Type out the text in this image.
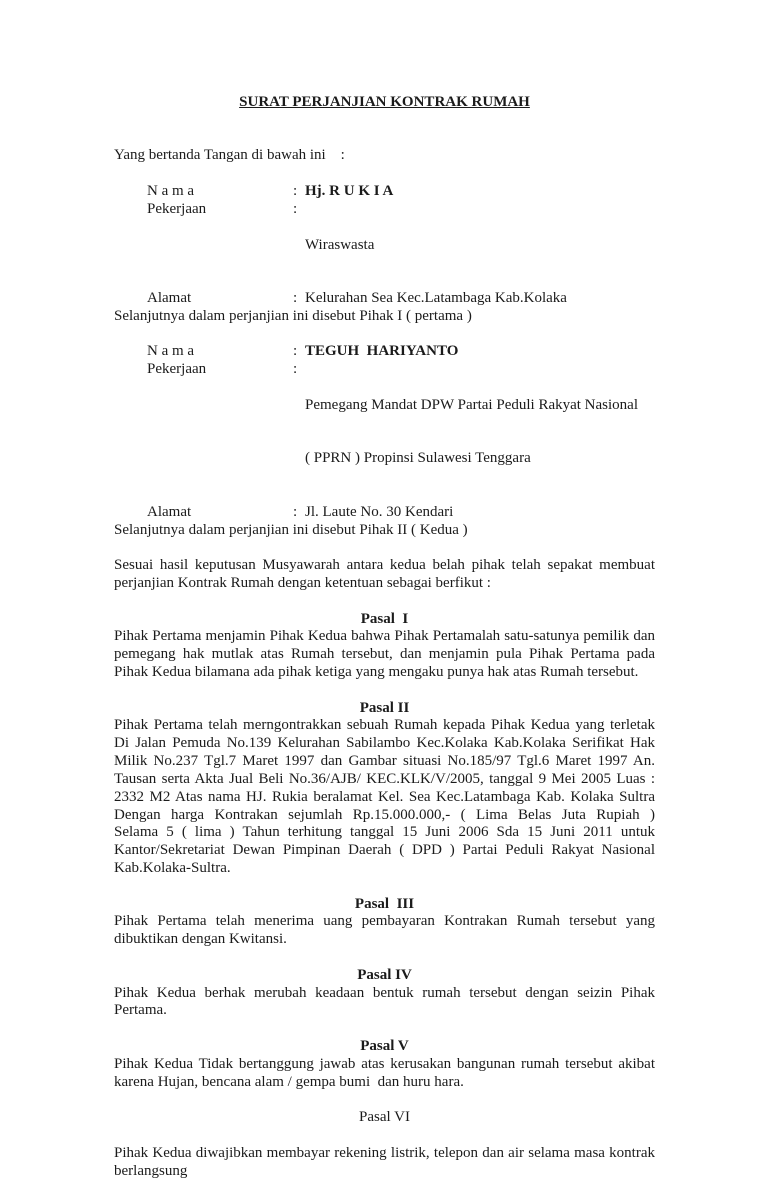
SURAT PERJANJIAN KONTRAK RUMAH
Yang bertanda Tangan di bawah ini    :
N a m a	: Hj. R U K I A
Pekerjaan	:

Wiraswasta

Alamat	: Kelurahan Sea Kec.Latambaga Kab.Kolaka
Selanjutnya dalam perjanjian ini disebut Pihak I ( pertama )
N a m a	: TEGUH  HARIYANTO
Pekerjaan	:

Pemegang Mandat DPW Partai Peduli Rakyat Nasional

( PPRN ) Propinsi Sulawesi Tenggara

Alamat	: Jl. Laute No. 30 Kendari
Selanjutnya dalam perjanjian ini disebut Pihak II ( Kedua )
Sesuai hasil keputusan Musyawarah antara kedua belah pihak telah sepakat membuat
perjanjian Kontrak Rumah dengan ketentuan sebagai berfikut :
Pasal  I
Pihak Pertama menjamin Pihak Kedua bahwa Pihak Pertamalah satu-satunya pemilik dan
pemegang hak mutlak atas Rumah tersebut, dan menjamin pula Pihak Pertama pada
Pihak Kedua bilamana ada pihak ketiga yang mengaku punya hak atas Rumah tersebut.
Pasal II
Pihak Pertama telah merngontrakkan sebuah Rumah kepada Pihak Kedua yang terletak
Di Jalan Pemuda No.139 Kelurahan Sabilambo Kec.Kolaka Kab.Kolaka Serifikat Hak
Milik No.237 Tgl.7 Maret 1997 dan Gambar situasi No.185/97 Tgl.6 Maret 1997 An.
Tausan serta Akta Jual Beli No.36/AJB/ KEC.KLK/V/2005, tanggal 9 Mei 2005 Luas :
2332 M2 Atas nama HJ. Rukia beralamat Kel. Sea Kec.Latambaga Kab. Kolaka Sultra
Dengan harga Kontrakan sejumlah Rp.15.000.000,- ( Lima Belas Juta Rupiah )
Selama 5 ( lima ) Tahun terhitung tanggal 15 Juni 2006 Sda 15 Juni 2011 untuk
Kantor/Sekretariat Dewan Pimpinan Daerah ( DPD ) Partai Peduli Rakyat Nasional
Kab.Kolaka-Sultra.
Pasal  III
Pihak Pertama telah menerima uang pembayaran Kontrakan Rumah tersebut yang
dibuktikan dengan Kwitansi.
Pasal IV
Pihak Kedua berhak merubah keadaan bentuk rumah tersebut dengan seizin Pihak
Pertama.
Pasal V
Pihak Kedua Tidak bertanggung jawab atas kerusakan bangunan rumah tersebut akibat
karena Hujan, bencana alam / gempa bumi  dan huru hara.
Pasal VI
Pihak Kedua diwajibkan membayar rekening listrik, telepon dan air selama masa kontrak
berlangsung
